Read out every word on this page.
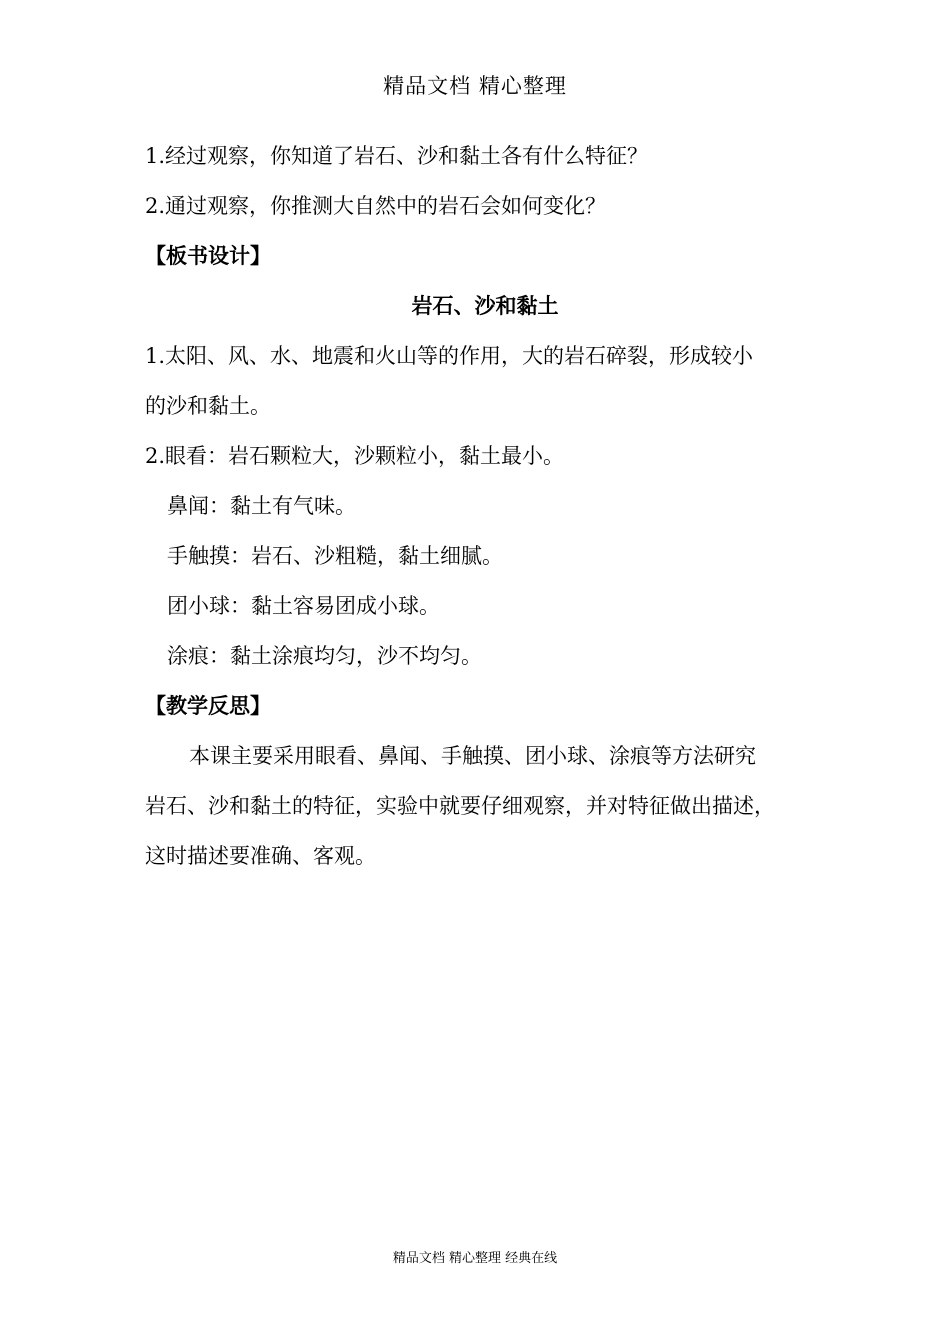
精品文档 精心整理
1.经过观察，你知道了岩石、沙和黏土各有什么特征？
2.通过观察，你推测大自然中的岩石会如何变化？
【板书设计】
岩石、沙和黏土
1.太阳、风、水、地震和火山等的作用，大的岩石碎裂，形成较小
的沙和黏土。
2.眼看：岩石颗粒大，沙颗粒小，黏土最小。
鼻闻：黏土有气味。
手触摸：岩石、沙粗糙，黏土细腻。
团小球：黏土容易团成小球。
涂痕：黏土涂痕均匀，沙不均匀。
【教学反思】
本课主要采用眼看、鼻闻、手触摸、团小球、涂痕等方法研究
岩石、沙和黏土的特征，实验中就要仔细观察，并对特征做出描述，
这时描述要准确、客观。
精品文档 精心整理 经典在线
